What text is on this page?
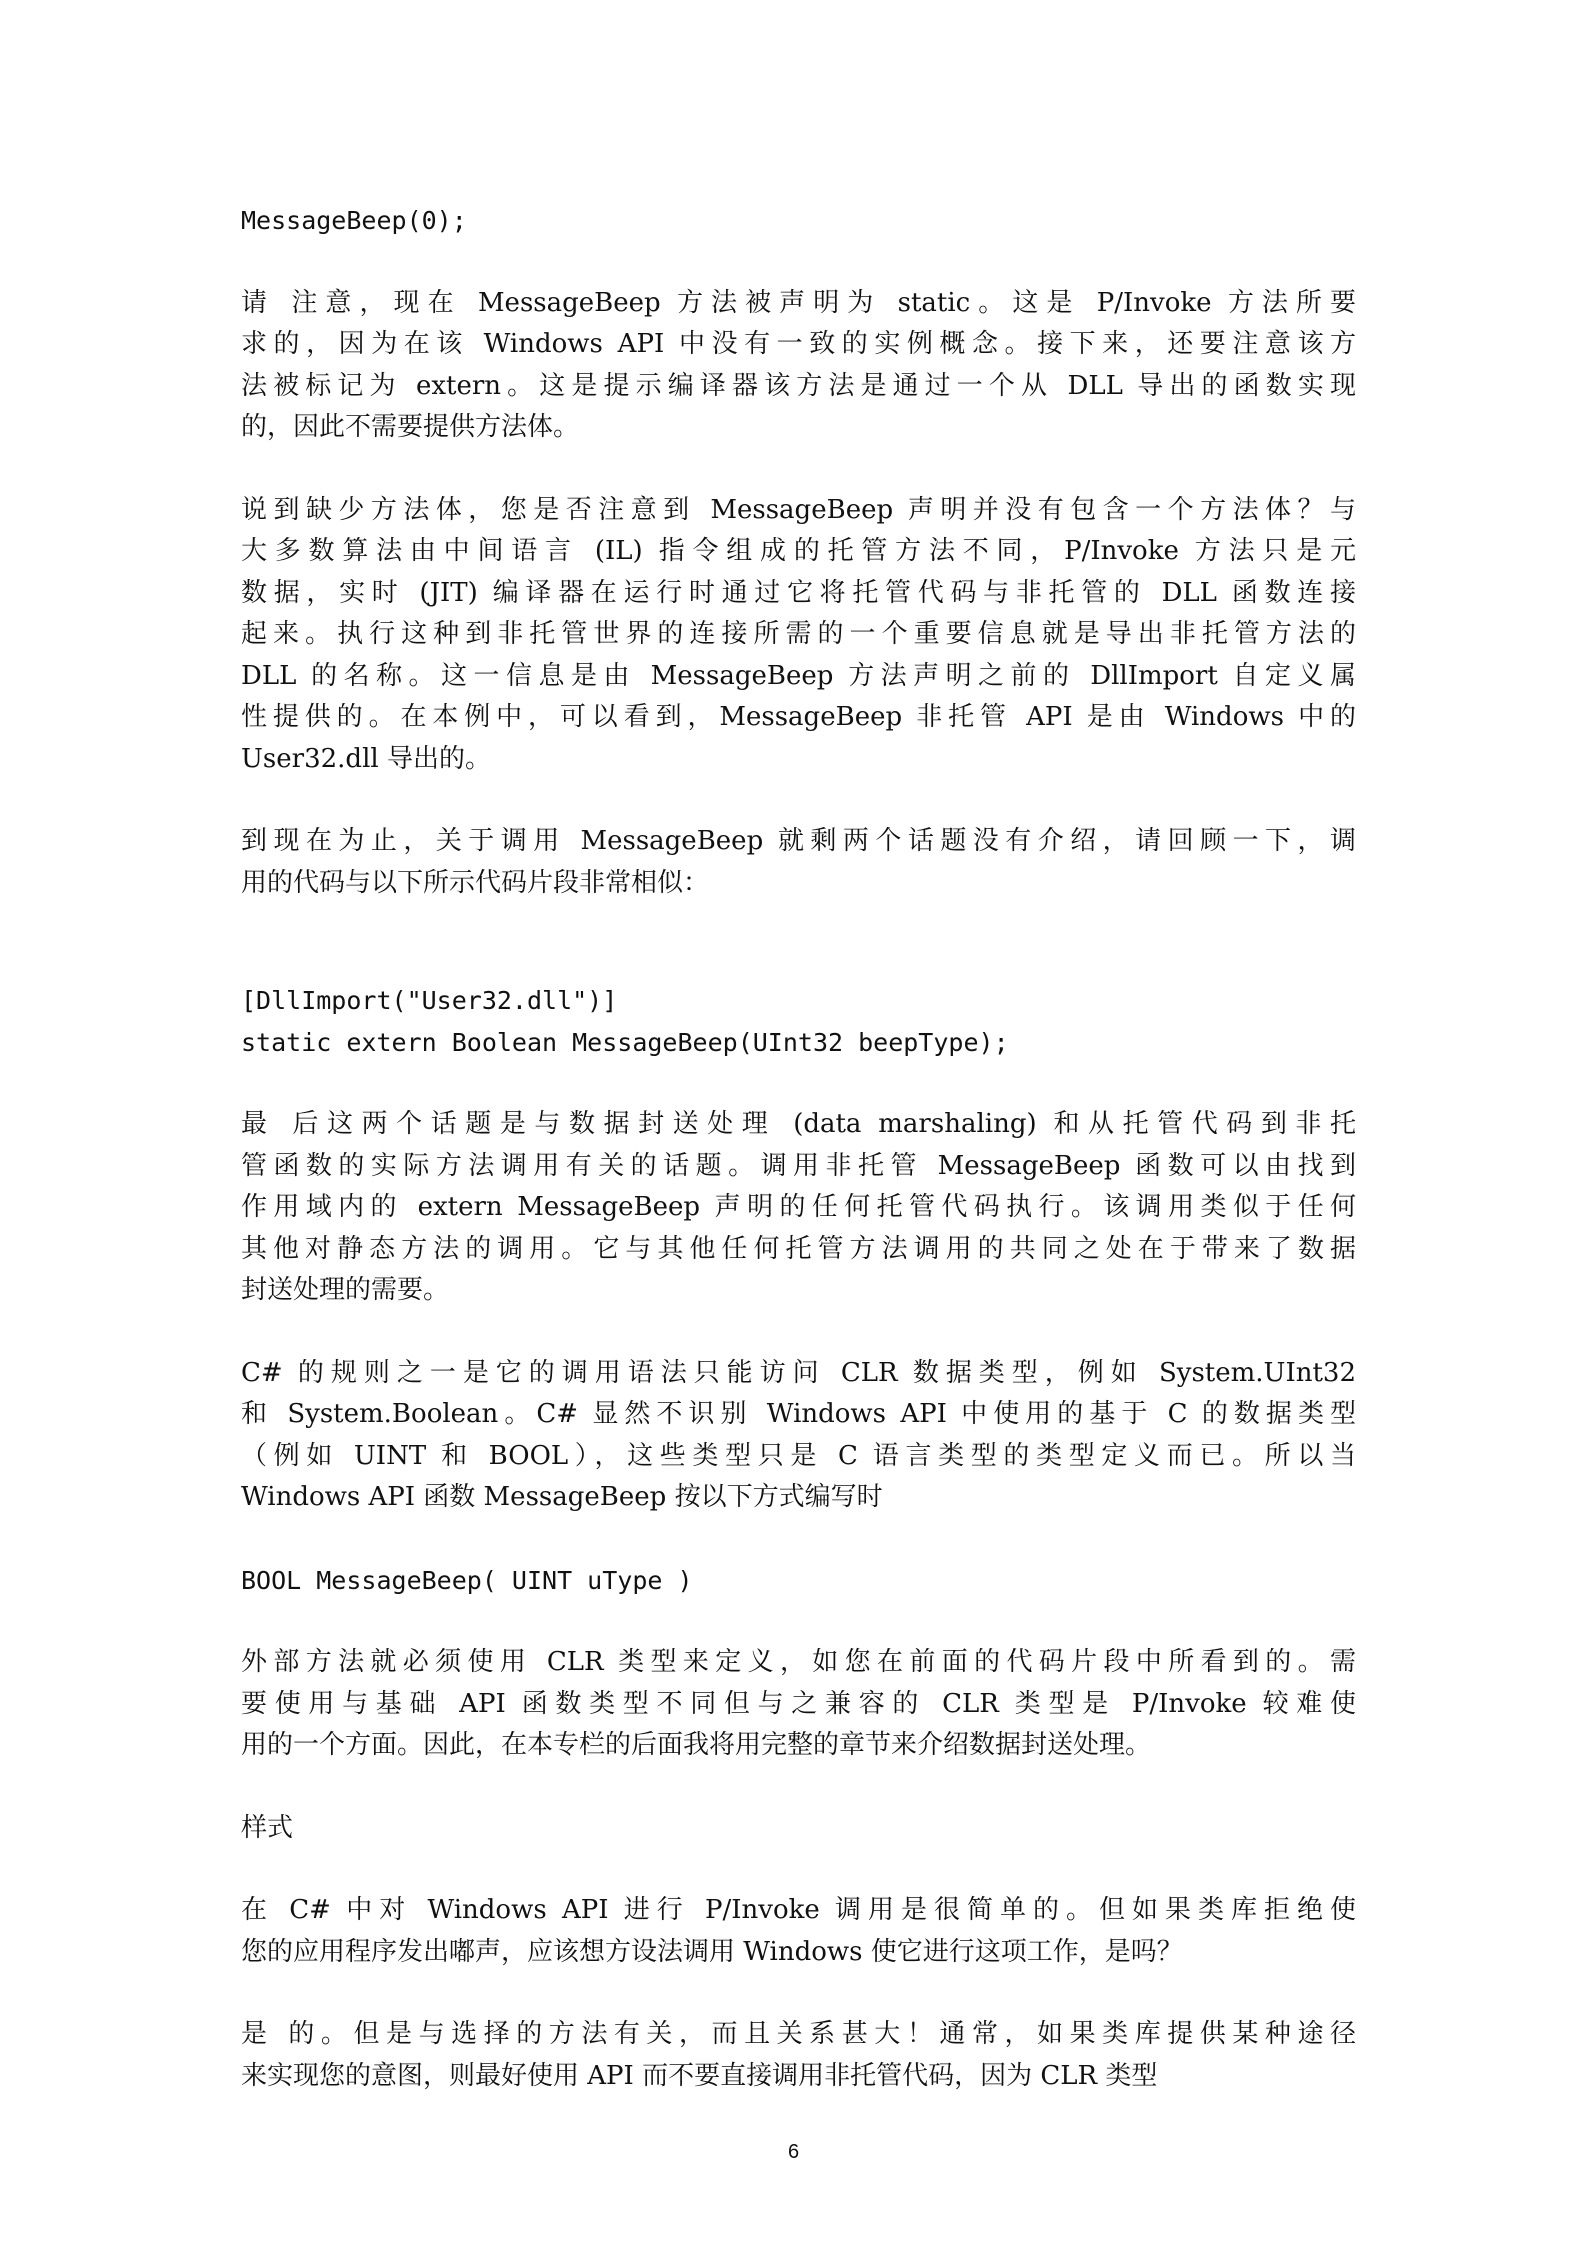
MessageBeep(0);
请 注意，现在 MessageBeep 方法被声明为 static。这是 P/Invoke 方法所要
求的，因为在该 Windows API 中没有一致的实例概念。接下来，还要注意该方
法被标记为 extern。这是提示编译器该方法是通过一个从 DLL 导出的函数实现
的，因此不需要提供方法体。
说到缺少方法体，您是否注意到 MessageBeep 声明并没有包含一个方法体？与
大多数算法由中间语言 (IL) 指令组成的托管方法不同，P/Invoke 方法只是元
数据，实时 (JIT) 编译器在运行时通过它将托管代码与非托管的 DLL 函数连接
起来。执行这种到非托管世界的连接所需的一个重要信息就是导出非托管方法的
DLL 的名称。这一信息是由 MessageBeep 方法声明之前的 DllImport 自定义属
性提供的。在本例中，可以看到，MessageBeep 非托管 API 是由 Windows 中的
User32.dll 导出的。
到现在为止，关于调用 MessageBeep 就剩两个话题没有介绍，请回顾一下，调
用的代码与以下所示代码片段非常相似：
[DllImport("User32.dll")]
static extern Boolean MessageBeep(UInt32 beepType);
最 后这两个话题是与数据封送处理 (data marshaling) 和从托管代码到非托
管函数的实际方法调用有关的话题。调用非托管 MessageBeep 函数可以由找到
作用域内的 extern MessageBeep 声明的任何托管代码执行。该调用类似于任何
其他对静态方法的调用。它与其他任何托管方法调用的共同之处在于带来了数据
封送处理的需要。
C# 的规则之一是它的调用语法只能访问 CLR 数据类型，例如 System.UInt32
和 System.Boolean。C# 显然不识别 Windows API 中使用的基于 C 的数据类型
（例如 UINT 和 BOOL），这些类型只是 C 语言类型的类型定义而已。所以当
Windows API 函数 MessageBeep 按以下方式编写时
BOOL MessageBeep( UINT uType )
外部方法就必须使用 CLR 类型来定义，如您在前面的代码片段中所看到的。需
要使用与基础 API 函数类型不同但与之兼容的 CLR 类型是 P/Invoke 较难使
用的一个方面。因此，在本专栏的后面我将用完整的章节来介绍数据封送处理。
样式
在 C# 中对 Windows API 进行 P/Invoke 调用是很简单的。但如果类库拒绝使
您的应用程序发出嘟声，应该想方设法调用 Windows 使它进行这项工作，是吗？
是 的。但是与选择的方法有关，而且关系甚大！通常，如果类库提供某种途径
来实现您的意图，则最好使用 API 而不要直接调用非托管代码，因为 CLR 类型
6
